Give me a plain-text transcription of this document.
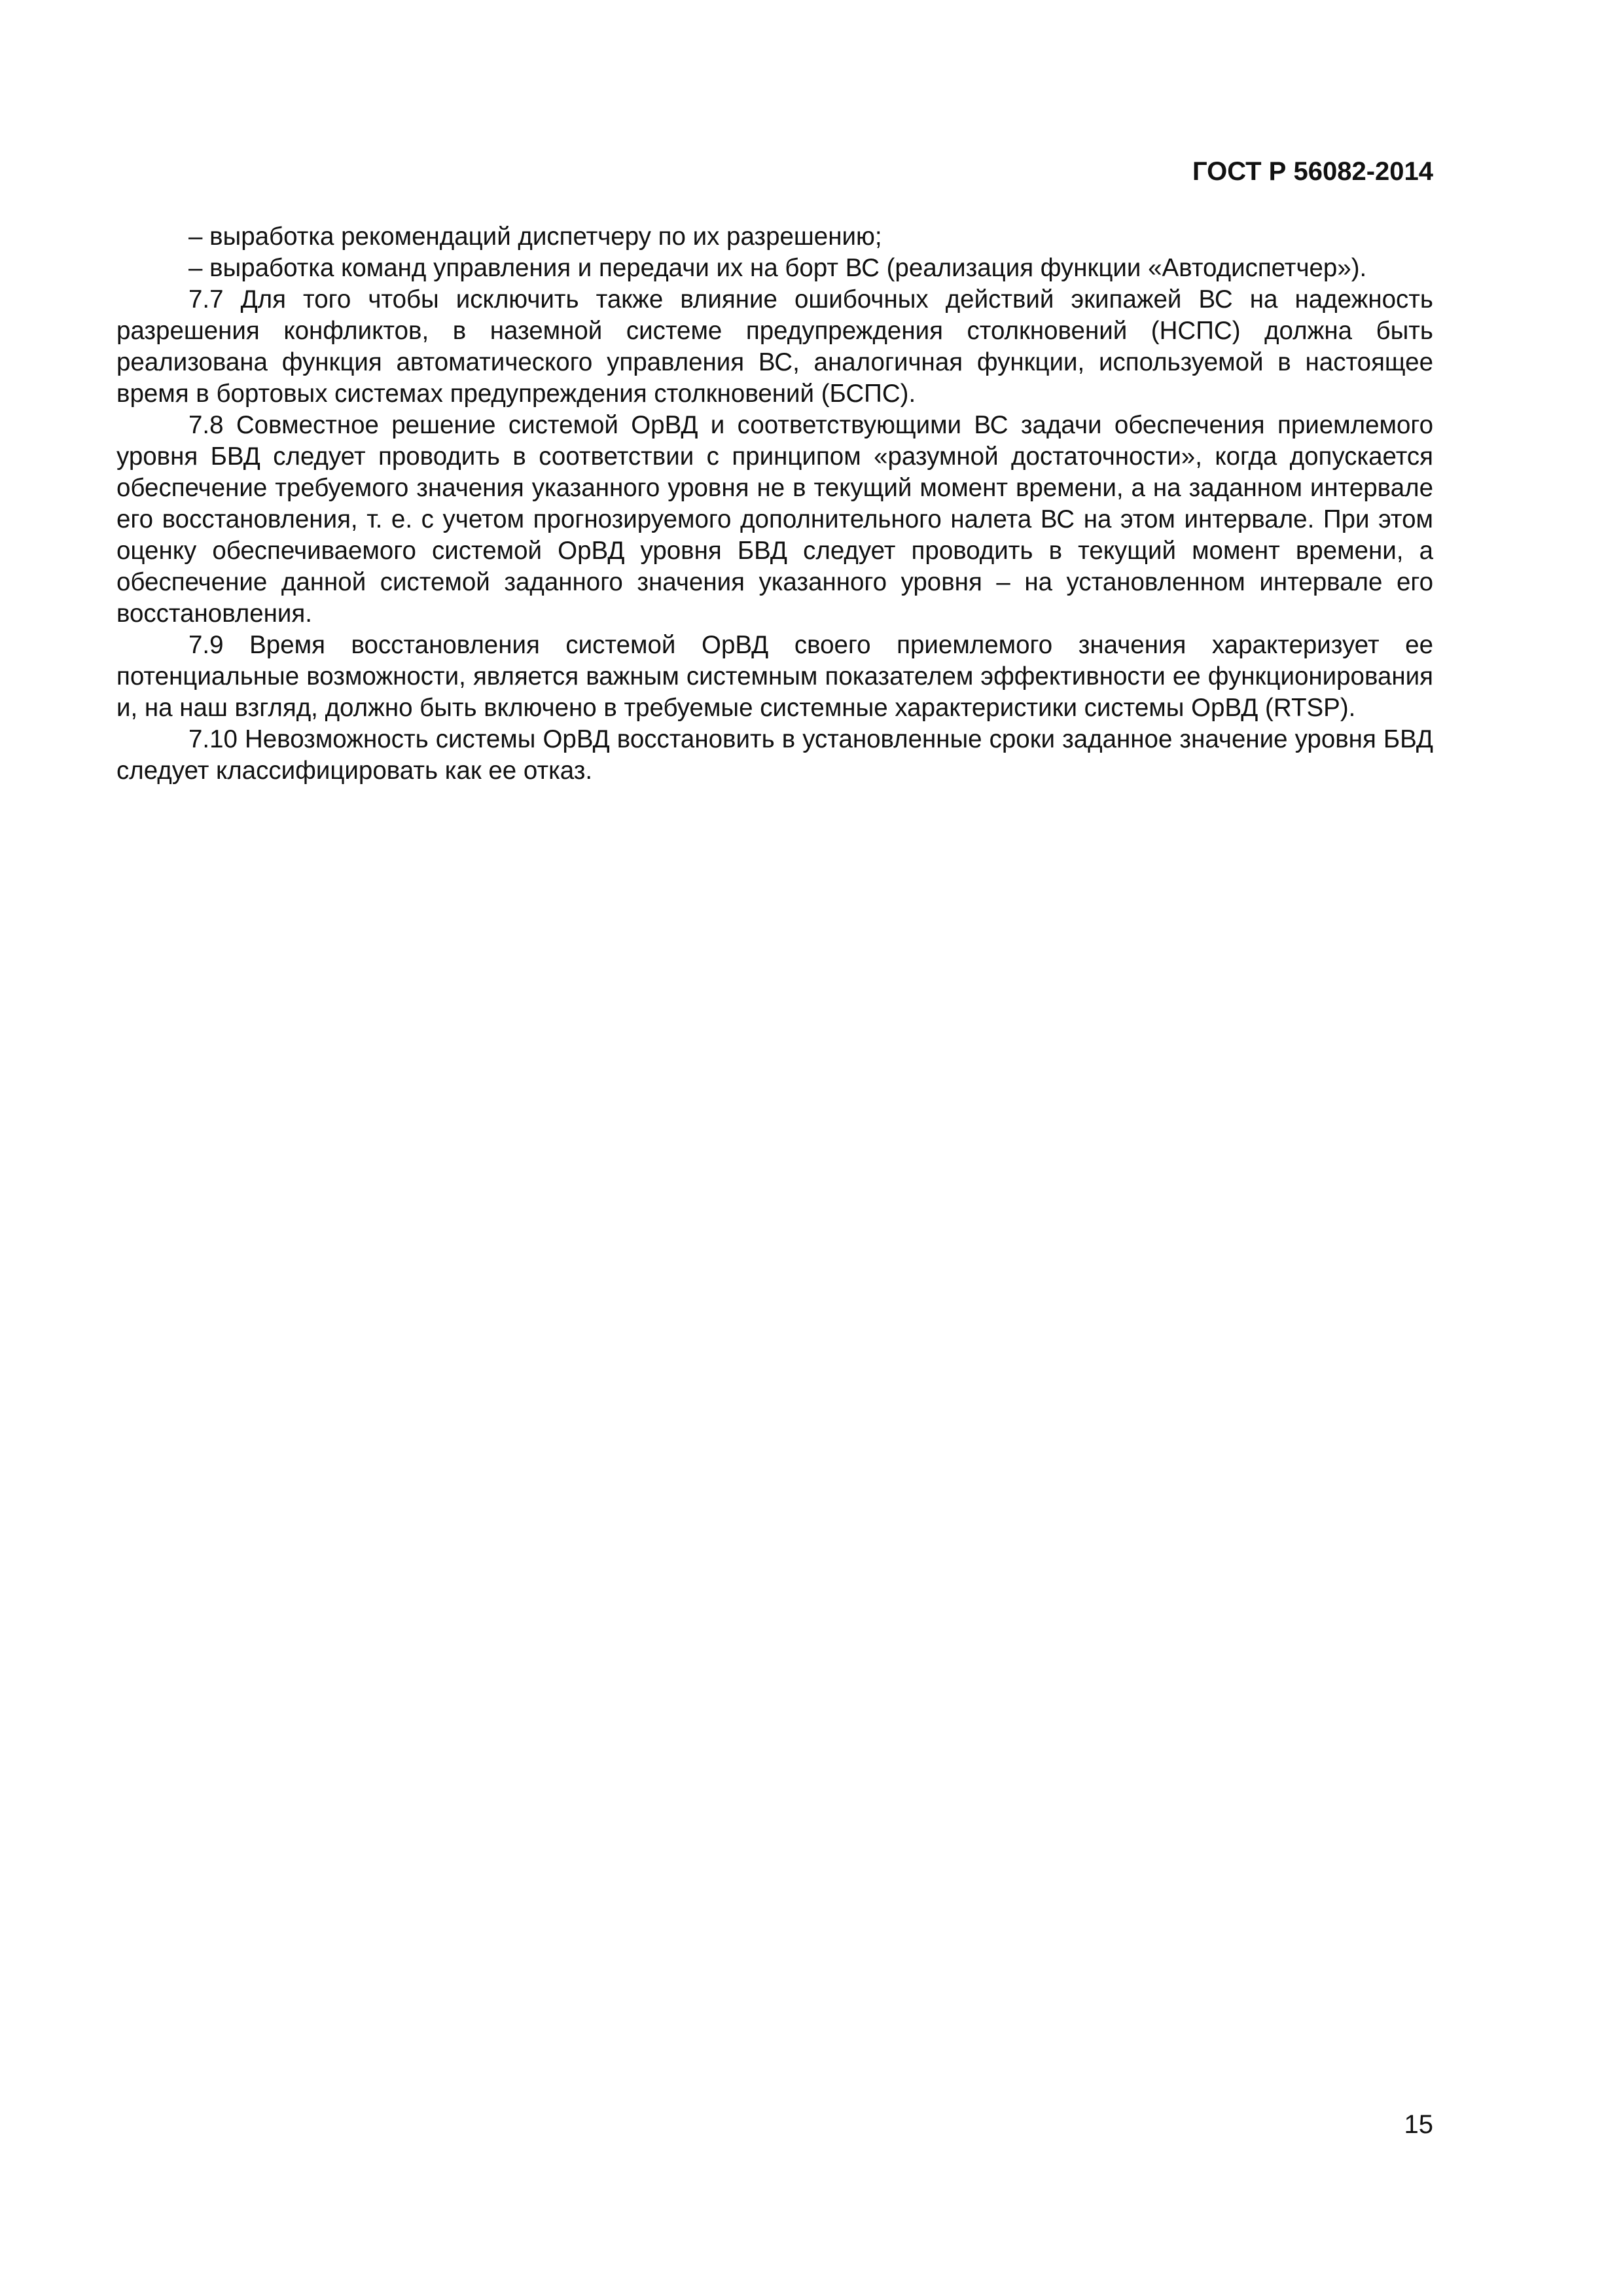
ГОСТ Р 56082-2014

– выработка рекомендаций диспетчеру по их разрешению;

– выработка команд управления и передачи их на борт ВС (реализация функции «Автодиспетчер»).

7.7 Для того чтобы исключить также влияние ошибочных действий экипажей ВС на надежность разрешения конфликтов, в наземной системе предупреждения столкновений (НСПС) должна быть реализована функция автоматического управления ВС, аналогичная функции, используемой в настоящее время в бортовых системах предупреждения столкновений (БСПС).

7.8 Совместное решение системой ОрВД и соответствующими ВС задачи обеспечения приемлемого уровня БВД следует проводить в соответствии с принципом «разумной достаточности», когда допускается обеспечение требуемого значения указанного уровня не в текущий момент времени, а на заданном интервале его восстановления, т. е. с учетом прогнозируемого дополнительного налета ВС на этом интервале. При этом оценку обеспечиваемого системой ОрВД уровня БВД следует проводить в текущий момент времени, а обеспечение данной системой заданного значения указанного уровня – на установленном интервале его восстановления.

7.9 Время восстановления системой ОрВД своего приемлемого значения характеризует ее потенциальные возможности, является важным системным показателем эффективности ее функционирования и, на наш взгляд, должно быть включено в требуемые системные характеристики системы ОрВД (RTSP).

7.10 Невозможность системы ОрВД восстановить в установленные сроки заданное значение уровня БВД следует классифицировать как ее отказ.

15
